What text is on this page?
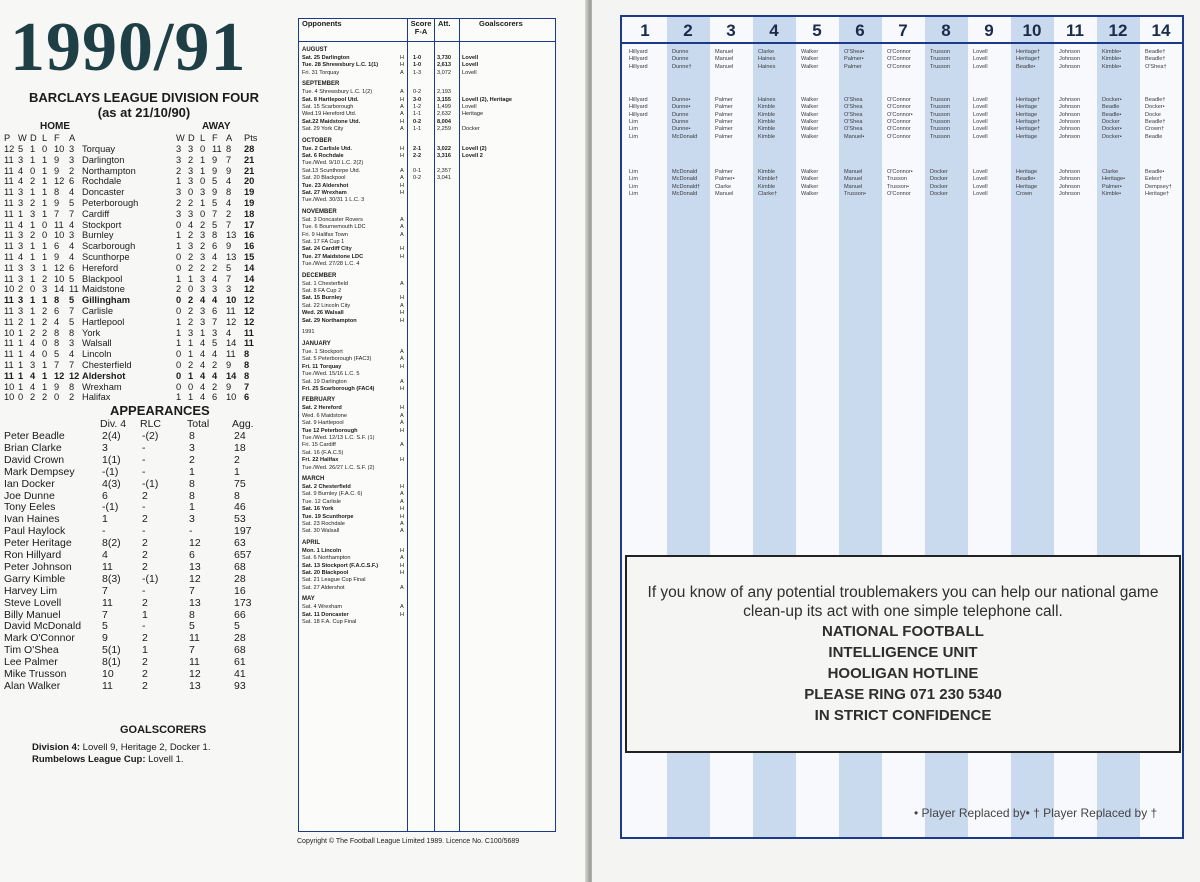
1990/91
BARCLAYS LEAGUE DIVISION FOUR
(as at 21/10/90)
HOME	AWAY
P W D L F A	W D L F A Pts
12 5 1 0 10 3 Torquay	3 3 0 11 8 28
11 3 1 1 9 3 Darlington	3 2 1 9 7 21
11 4 0 1 9 2 Northampton	2 3 1 9 9 21
11 4 2 1 12 6 Rochdale	1 3 0 5 4 20
11 3 1 1 8 4 Doncaster	3 0 3 9 8 19
11 3 2 1 9 5 Peterborough	2 2 1 5 4 19
11 1 3 1 7 7 Cardiff	3 3 0 7 2 18
11 4 1 0 11 4 Stockport	0 4 2 5 7 17
11 3 2 0 10 3 Burnley	1 2 3 8 13 16
11 3 1 1 6 4 Scarborough	1 3 2 6 9 16
11 4 1 1 9 4 Scunthorpe	0 2 3 4 13 15
11 3 3 1 12 6 Hereford	0 2 2 2 5 14
11 3 1 2 10 5 Blackpool	1 1 3 4 7 14
10 2 0 3 14 11 Maidstone	2 0 3 3 3 12
11 3 1 1 8 5 Gillingham	0 2 4 4 10 12
11 3 1 2 6 7 Carlisle	0 2 3 6 11 12
11 2 1 2 4 5 Hartlepool	1 2 3 7 12 12
10 1 2 2 8 8 York	1 3 1 3 4 11
11 1 4 0 8 3 Walsall	1 1 4 5 14 11
11 1 4 0 5 4 Lincoln	0 1 4 4 11 8
11 1 3 1 7 7 Chesterfield	0 2 4 2 9 8
11 1 4 1 12 12 Aldershot	0 1 4 4 14 8
10 1 4 1 9 8 Wrexham	0 0 4 2 9 7
10 0 2 2 0 2 Halifax	1 1 4 6 10 6
APPEARANCES
Div. 4 RLC Total Agg.
Peter Beadle	2(4) -(2)	8	24
Brian Clarke	3	-	3	18
David Crown	1(1) -	2	2
Mark Dempsey	-(1) -	1	1
Ian Docker	4(3) -(1)	8	75
Joe Dunne	6	2	8	8
Tony Eeles	-(1) -	1	46
Ivan Haines	1	2	3	53
Paul Haylock	-	-	-	197
Peter Heritage	8(2) 2	12	63
Ron Hillyard	4	2	6	657
Peter Johnson	11	2	13	68
Garry Kimble	8(3) -(1)	12	28
Harvey Lim	7	-	7	16
Steve Lovell	11	2	13	173
Billy Manuel	7	1	8	66
David McDonald 5	-	5	5
Mark O'Connor	9	2	11	28
Tim O'Shea	5(1) 1	7	68
Lee Palmer	8(1) 2	11	61
Mike Trusson	10	2	12	41
Alan Walker	11	2	13	93
GOALSCORERS
Division 4: Lovell 9, Heritage 2, Docker 1.
Rumbelows League Cup: Lovell 1.
Opponents	Score F-A
Att.	Goalscorers
AUGUST
Sat. 25 Darlington	H 1-0	3,730 Lovell
Tue. 28 Shrewsbury L.C. 1(1)	H 1-0	2,613 Lovell
Fri. 31 Torquay	A 1-3	3,072 Lovell
SEPTEMBER
Tue. 4 Shrewsbury L.C. 1(2)	A 0-2	2,193
Sat. 8 Hartlepool Utd.	H 3-0	3,155 Lovell (2), Heritage
Sat. 15 Scarborough	A 1-2	1,499 Lovell
Wed.19 Hereford Utd.	A 1-1	2,632 Heritage
Sat.22 Maidstone Utd.	H 0-2	8,004
Sat. 29 York City	A 1-1	2,259 Docker
OCTOBER
Tue. 2 Carlisle Utd.	H 2-1	3,022 Lovell (2)
Sat. 6 Rochdale	H 2-2	3,316 Lovell 2
Tue./Wed. 9/10 L.C. 2(2)
Sat.13 Scunthorpe Utd.	A 0-1	2,357
Sat. 20 Blackpool	A 0-2	3,041
Tue. 23 Aldershot	H
Sat. 27 Wrexham	H
Tue./Wed. 30/31 1 L.C. 3
NOVEMBER
Sat. 3 Doncaster Rovers	A
Tue. 6 Bournemouth LDC	A
Fri. 9 Halifax Town	A
Sat. 17 FA Cup 1
Sat. 24 Cardiff City	H
Tue. 27 Maidstone LDC	H
Tue./Wed. 27/28 L.C. 4
DECEMBER
Sat. 1 Chesterfield	A
Sat. 8 FA Cup 2
Sat. 15 Burnley	H
Sat. 22 Lincoln City	A
Wed. 26 Walsall	H
Sat. 29 Northampton	H
1991
JANUARY
Tue. 1 Stockport	A
Sat. 5 Peterborough (FAC3)	A
Fri. 11 Torquay	H
Tue./Wed. 15/16 L.C. 5
Sat. 19 Darlington	A
Fri. 25 Scarborough (FAC4)	H
FEBRUARY
Sat. 2 Hereford	H
Wed. 6 Maidstone	A
Sat. 9 Hartlepool	A
Tue 12 Peterborough	H
Tue./Wed. 12/13 L.C. S.F. (1)
Fri. 15 Cardiff	A
Sat. 16 (F.A.C.5)
Fri. 22 Halifax	H
Tue./Wed. 26/27 L.C. S.F. (2)
MARCH
Sat. 2 Chesterfield	H
Sat. 9 Burnley (F.A.C. 6)	A
Tue. 12 Carlisle	A
Sat. 16 York	H
Tue. 19 Scunthorpe	H
Sat. 23 Rochdale	A
Sat. 30 Walsall	A
APRIL
Mon. 1 Lincoln	H
Sat. 6 Northampton	A
Sat. 13 Stockport (F.A.C.S.F.)	H
Sat. 20 Blackpool	H
Sat. 21 League Cup Final
Sat. 27 Aldershot	A
MAY
Sat. 4 Wrexham	A
Sat. 11 Doncaster	H
Sat. 18 F.A. Cup Final
Copyright © The Football League Limited 1989. Licence No. C100/5689
1	2	3	4	5	6	7	8	9	10	11	12	14
Hillyard	Dunne	Manuel	Clarke	Walker	O'Shea•	O'Connor	Trusson	Lovell	Heritage†	Johnson	Kimble•	Beadle†
Hillyard	Dunne	Manuel	Haines	Walker	Palmer•	O'Connor	Trusson	Lovell	Heritage†	Johnson	Kimble•	Beadle†
Hillyard	Dunne†	Manuel	Haines	Walker	Palmer	O'Connor	Trusson	Lovell	Beadle•	Johnson	Kimble•	O'Shea†
Hillyard	Dunne•	Palmer	Haines	Walker	O'Shea	O'Connor	Trusson	Lovell	Heritage†	Johnson	Docker•	Beadle†
Hillyard	Dunne•	Palmer	Kimble	Walker	O'Shea	O'Connor	Trusson	Lovell	Heritage	Johnson	Beadle	Docker•
Hillyard	Dunne	Palmer	Kimble	Walker	O'Shea	O'Connor•	Trusson	Lovell	Heritage	Johnson	Beadle•	Docke
Lim	Dunne	Palmer	Kimble	Walker	O'Shea	O'Connor	Trusson	Lovell	Heritage†	Johnson	Docker	Beadle†
Lim	Dunne•	Palmer	Kimble	Walker	O'Shea	O'Connor	Trusson	Lovell	Heritage†	Johnson	Docker•	Crown†
Lim	McDonald	Palmer	Kimble	Walker	Manuel•	O'Connor	Trusson	Lovell	Heritage	Johnson	Docker•	Beadle
Lim	McDonald	Palmer	Kimble	Walker	Manuel	O'Connor•	Docker	Lovell	Heritage	Johnson	Clarke	Beadle•
Lim	McDonald	Palmer•	Kimble†	Walker	Manuel	Trusson	Docker	Lovell	Beadle•	Johnson	Heritage•	Eeles†
Lim	McDonald†	Clarke	Kimble	Walker	Manuel	Trusson•	Docker	Lovell	Heritage	Johnson	Palmer•	Dempsey†
Lim	McDonald	Manuel	Clarke†	Walker	Trusson•	O'Connor	Docker	Lovell	Crown	Johnson	Kimble•	Heritage†
If you know of any potential troublemakers you can help our national game clean-up its act with one simple telephone call.
NATIONAL FOOTBALL
INTELLIGENCE UNIT
HOOLIGAN HOTLINE
PLEASE RING 071 230 5340
IN STRICT CONFIDENCE
• Player Replaced by• † Player Replaced by †
